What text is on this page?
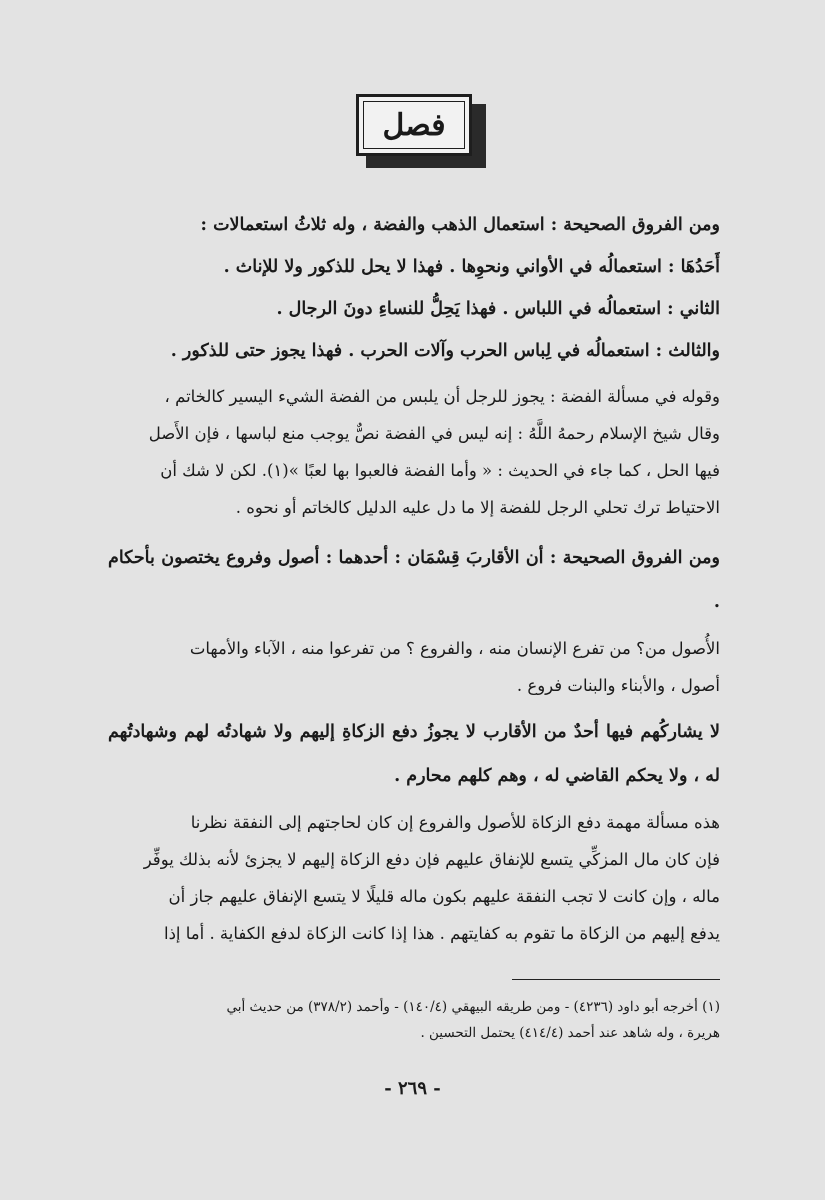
فصل

ومن الفروق الصحيحة : استعمال الذهب والفضة ، وله ثلاثُ استعمالات :

أَحَدُهَا : استعمالُه في الأواني ونحوِها . فهذا لا يحل للذكور ولا للإناث .

الثاني : استعمالُه في اللباس . فهذا يَحِلُّ للنساءِ دونَ الرجال .

والثالث : استعمالُه في لِباس الحرب وآلات الحرب . فهذا يجوز حتى للذكور .

وقوله في مسألة الفضة : يجوز للرجل أن يلبس من الفضة الشيء اليسير كالخاتم ،

وقال شيخ الإسلام رحمهُ اللَّهُ : إنه ليس في الفضة نصٌّ يوجب منع لباسها ، فإن الأَصل

فيها الحل ، كما جاء في الحديث : « وأما الفضة فالعبوا بها لعبًا »(١). لكن لا شك أن

الاحتياط ترك تحلي الرجل للفضة إلا ما دل عليه الدليل كالخاتم أو نحوه .

ومن الفروق الصحيحة : أن الأقاربَ قِسْمَان : أحدهما : أصول وفروع يختصون بأحكام .

الأُصول من؟ من تفرع الإنسان منه ، والفروع ؟ من تفرعوا منه ، الآباء والأمهات

أصول ، والأبناء والبنات فروع .

لا يشاركُهم فيها أحدٌ من الأقارب لا يجوزُ دفع الزكاةِ إليهم ولا شهادتُه لهم وشهادتُهم له ، ولا يحكم القاضي له ، وهم كلهم محارم .

هذه مسألة مهمة دفع الزكاة للأصول والفروع إن كان لحاجتهم إلى النفقة نظرنا

فإن كان مال المزكِّي يتسع للإنفاق عليهم فإن دفع الزكاة إليهم لا يجزئ لأنه بذلك يوفِّر

ماله ، وإن كانت لا تجب النفقة عليهم بكون ماله قليلًا لا يتسع الإنفاق عليهم جاز أن

يدفع إليهم من الزكاة ما تقوم به كفايتهم . هذا إذا كانت الزكاة لدفع الكفاية . أما إذا

(١) أخرجه أبو داود (٤٢٣٦) - ومن طريقه البيهقي (١٤٠/٤) - وأحمد (٣٧٨/٢) من حديث أبي

هريرة ، وله شاهد عند أحمد (٤١٤/٤) يحتمل التحسين .

- ٢٦٩ -
